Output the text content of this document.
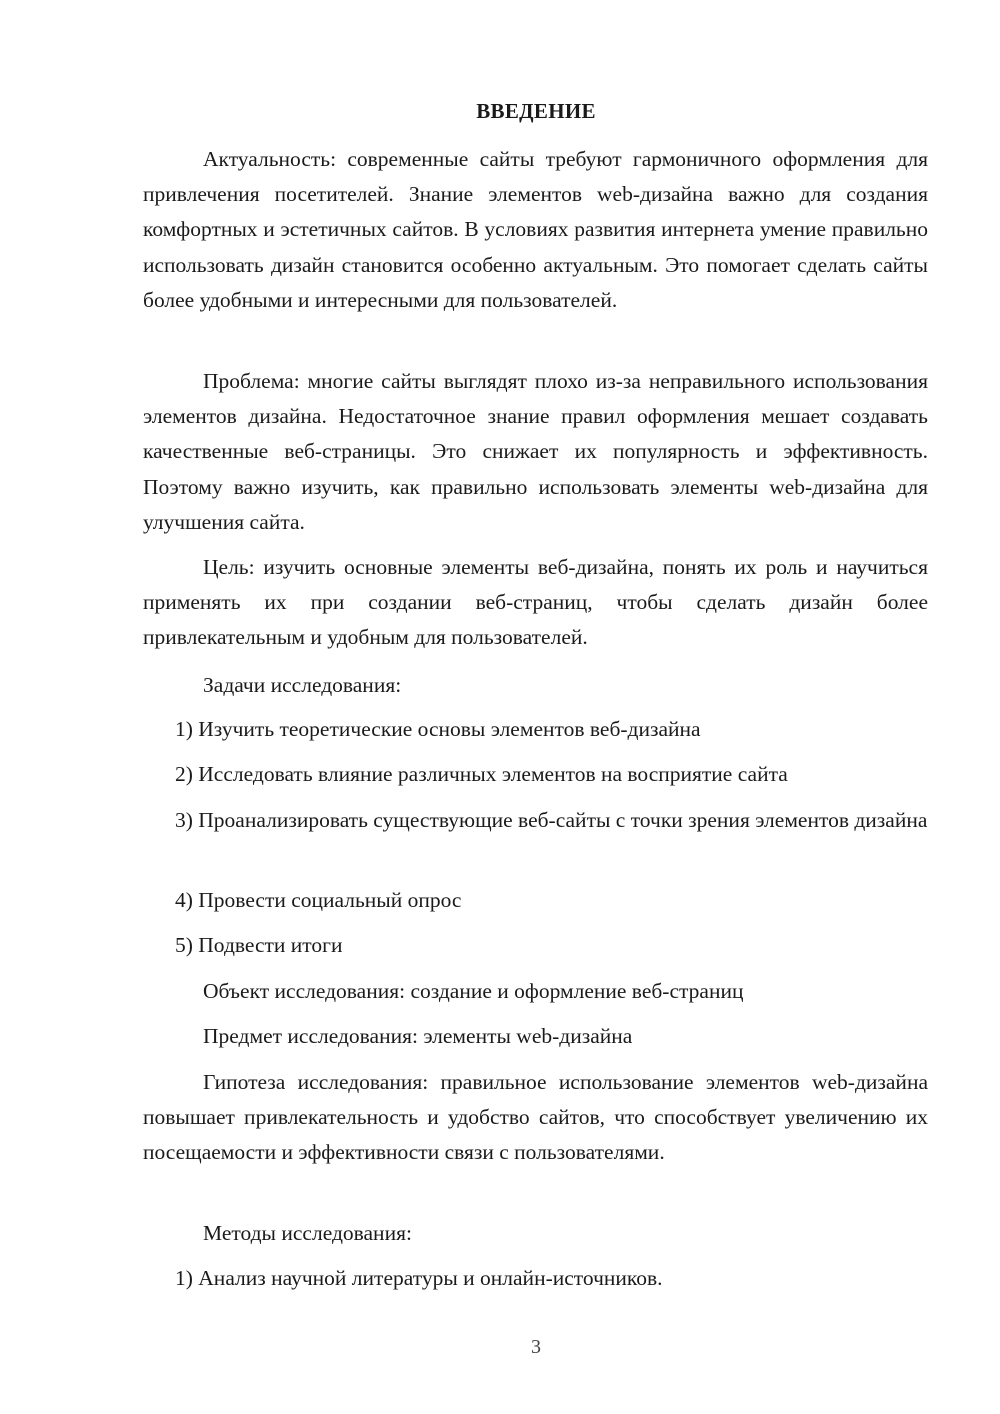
ВВЕДЕНИЕ

Актуальность: современные сайты требуют гармоничного оформления для привлечения посетителей. Знание элементов web-дизайна важно для создания комфортных и эстетичных сайтов. В условиях развития интернета умение правильно использовать дизайн становится особенно актуальным. Это помогает сделать сайты более удобными и интересными для пользователей.

Проблема: многие сайты выглядят плохо из-за неправильного использования элементов дизайна. Недостаточное знание правил оформления мешает создавать качественные веб-страницы. Это снижает их популярность и эффективность. Поэтому важно изучить, как правильно использовать элементы web-дизайна для улучшения сайта.

Цель: изучить основные элементы веб-дизайна, понять их роль и научиться применять их при создании веб-страниц, чтобы сделать дизайн более привлекательным и удобным для пользователей.

Задачи исследования:

1) Изучить теоретические основы элементов веб-дизайна

2) Исследовать влияние различных элементов на восприятие сайта

3) Проанализировать существующие веб-сайты с точки зрения элементов дизайна

4) Провести социальный опрос

5) Подвести итоги

Объект исследования: создание и оформление веб-страниц

Предмет исследования: элементы web-дизайна

Гипотеза исследования: правильное использование элементов web-дизайна повышает привлекательность и удобство сайтов, что способствует увеличению их посещаемости и эффективности связи с пользователями.

Методы исследования:

1) Анализ научной литературы и онлайн-источников.

3
